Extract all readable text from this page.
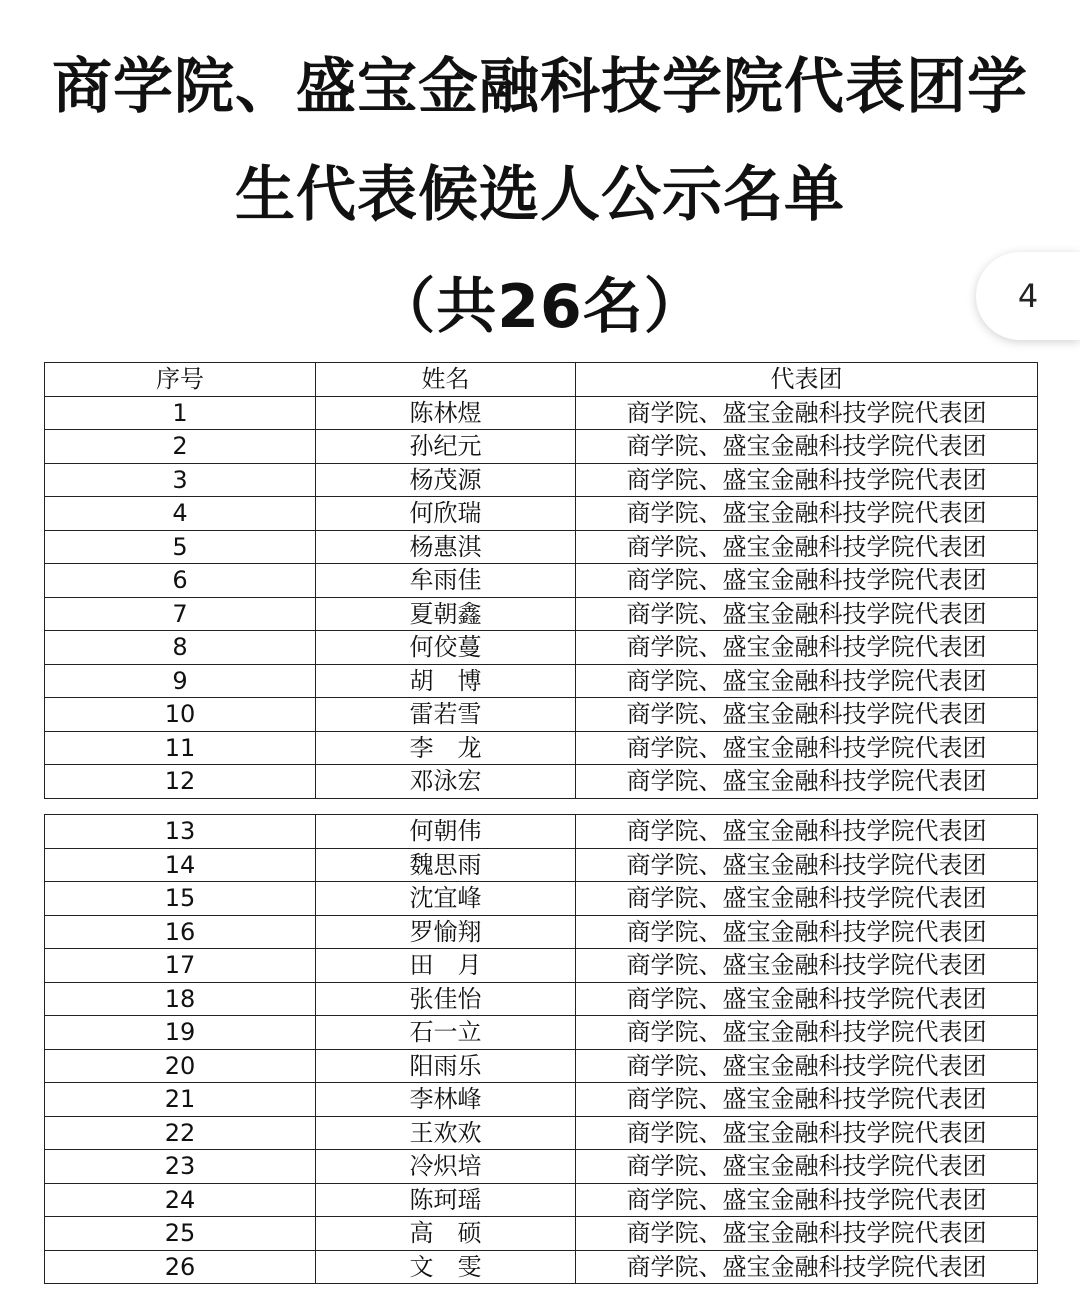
商学院、盛宝金融科技学院代表团学
生代表候选人公示名单
（共26名）	4
序号	姓名	代表团
1	陈林煜	商学院、盛宝金融科技学院代表团
2	孙纪元	商学院、盛宝金融科技学院代表团
3	杨茂源	商学院、盛宝金融科技学院代表团
4	何欣瑞	商学院、盛宝金融科技学院代表团
5	杨惠淇	商学院、盛宝金融科技学院代表团
6	牟雨佳	商学院、盛宝金融科技学院代表团
7	夏朝鑫	商学院、盛宝金融科技学院代表团
8	何佼蔓	商学院、盛宝金融科技学院代表团
9	胡　博	商学院、盛宝金融科技学院代表团
10	雷若雪	商学院、盛宝金融科技学院代表团
11	李　龙	商学院、盛宝金融科技学院代表团
12	邓泳宏	商学院、盛宝金融科技学院代表团
13	何朝伟	商学院、盛宝金融科技学院代表团
14	魏思雨	商学院、盛宝金融科技学院代表团
15	沈宜峰	商学院、盛宝金融科技学院代表团
16	罗愉翔	商学院、盛宝金融科技学院代表团
17	田　月	商学院、盛宝金融科技学院代表团
18	张佳怡	商学院、盛宝金融科技学院代表团
19	石一立	商学院、盛宝金融科技学院代表团
20	阳雨乐	商学院、盛宝金融科技学院代表团
21	李林峰	商学院、盛宝金融科技学院代表团
22	王欢欢	商学院、盛宝金融科技学院代表团
23	冷炽培	商学院、盛宝金融科技学院代表团
24	陈珂瑶	商学院、盛宝金融科技学院代表团
25	高　硕	商学院、盛宝金融科技学院代表团
26	文　雯	商学院、盛宝金融科技学院代表团
